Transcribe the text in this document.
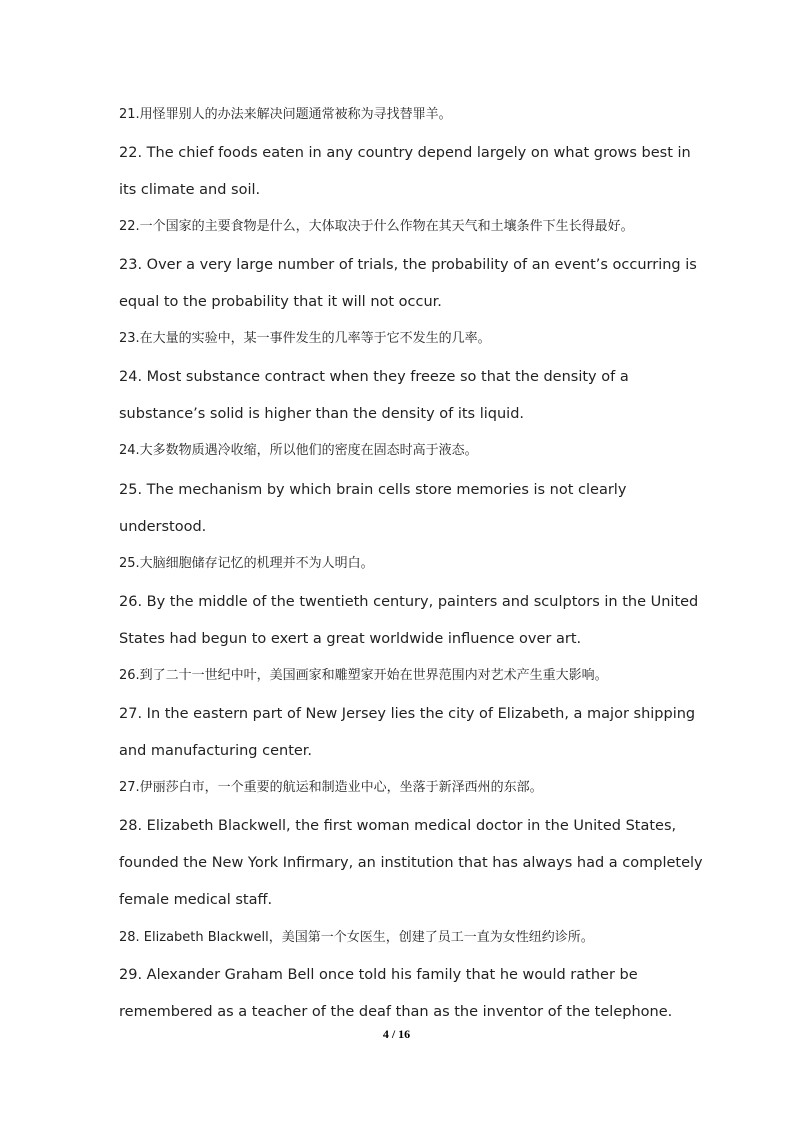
21.用怪罪别人的办法来解决问题通常被称为寻找替罪羊。
22. The chief foods eaten in any country depend largely on what grows best in
its climate and soil.
22.一个国家的主要食物是什么，大体取决于什么作物在其天气和土壤条件下生长得最好。
23. Over a very large number of trials, the probability of an event’s occurring is
equal to the probability that it will not occur.
23.在大量的实验中，某一事件发生的几率等于它不发生的几率。
24. Most substance contract when they freeze so that the density of a
substance’s solid is higher than the density of its liquid.
24.大多数物质遇冷收缩，所以他们的密度在固态时高于液态。
25. The mechanism by which brain cells store memories is not clearly
understood.
25.大脑细胞储存记忆的机理并不为人明白。
26. By the middle of the twentieth century, painters and sculptors in the United
States had begun to exert a great worldwide influence over art.
26.到了二十一世纪中叶，美国画家和雕塑家开始在世界范围内对艺术产生重大影响。
27. In the eastern part of New Jersey lies the city of Elizabeth, a major shipping
and manufacturing center.
27.伊丽莎白市，一个重要的航运和制造业中心，坐落于新泽西州的东部。
28. Elizabeth Blackwell, the first woman medical doctor in the United States,
founded the New York Infirmary, an institution that has always had a completely
female medical staff.
28. Elizabeth Blackwell，美国第一个女医生，创建了员工一直为女性纽约诊所。
29. Alexander Graham Bell once told his family that he would rather be
remembered as a teacher of the deaf than as the inventor of the telephone.
4 / 16
